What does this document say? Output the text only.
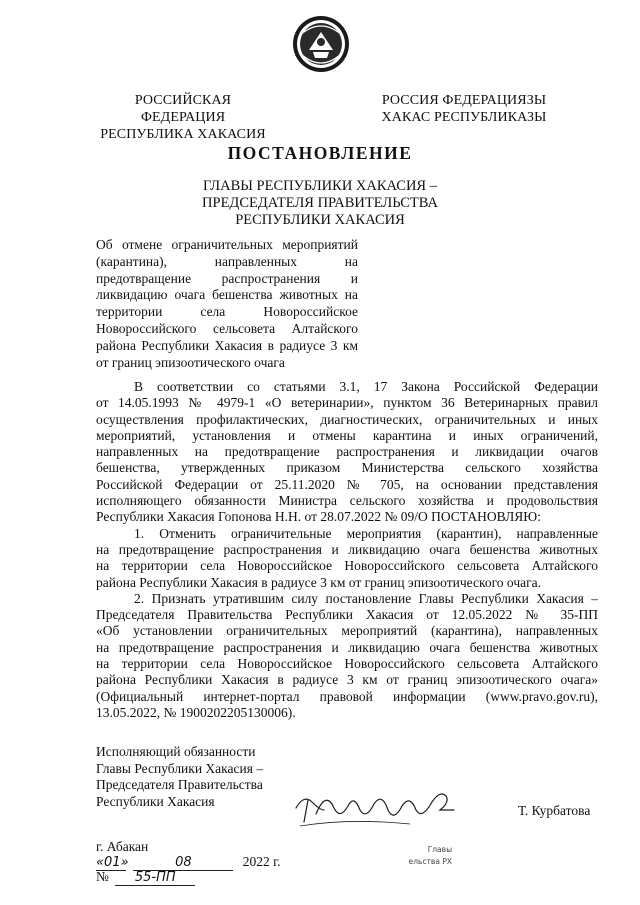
РОССИЙСКАЯ ФЕДЕРАЦИЯ
РЕСПУБЛИКА ХАКАСИЯ
РОССИЯ ФЕДЕРАЦИЯЗЫ
ХАКАС РЕСПУБЛИКАЗЫ
ПОСТАНОВЛЕНИЕ
ГЛАВЫ РЕСПУБЛИКИ ХАКАСИЯ –
ПРЕДСЕДАТЕЛЯ ПРАВИТЕЛЬСТВА
РЕСПУБЛИКИ ХАКАСИЯ
Об отмене ограничительных мероприятий
(карантина), направленных на
предотвращение распространения и
ликвидацию очага бешенства животных на
территории села Новороссийское
Новороссийского сельсовета Алтайского
района Республики Хакасия в радиусе 3 км
от границ эпизоотического очага

В соответствии со статьями 3.1, 17 Закона Российской Федерации
от 14.05.1993 № 4979-1 «О ветеринарии», пунктом 36 Ветеринарных правил
осуществления профилактических, диагностических, ограничительных и иных
мероприятий, установления и отмены карантина и иных ограничений,
направленных на предотвращение распространения и ликвидации очагов
бешенства, утвержденных приказом Министерства сельского хозяйства
Российской Федерации от 25.11.2020 № 705, на основании представления
исполняющего обязанности Министра сельского хозяйства и продовольствия
Республики Хакасия Гопонова Н.Н. от 28.07.2022 № 09/О ПОСТАНОВЛЯЮ:

1. Отменить ограничительные мероприятия (карантин), направленные
на предотвращение распространения и ликвидацию очага бешенства животных
на территории села Новороссийское Новороссийского сельсовета Алтайского
района Республики Хакасия в радиусе 3 км от границ эпизоотического очага.

2. Признать утратившим силу постановление Главы Республики Хакасия –
Председателя Правительства Республики Хакасия от 12.05.2022 № 35-ПП
«Об установлении ограничительных мероприятий (карантина), направленных
на предотвращение распространения и ликвидацию очага бешенства животных
на территории села Новороссийское Новороссийского сельсовета Алтайского
района Республики Хакасия в радиусе 3 км от границ эпизоотического очага»
(Официальный интернет-портал правовой информации (www.pravo.gov.ru),
13.05.2022, № 1900202205130006).

Исполняющий обязанности
Главы Республики Хакасия –
Председателя Правительства
Республики Хакасия
Т. Курбатова
г. Абакан
«01»	08	2022 г.
№ 55-ПП
Главы
ельства РХ
